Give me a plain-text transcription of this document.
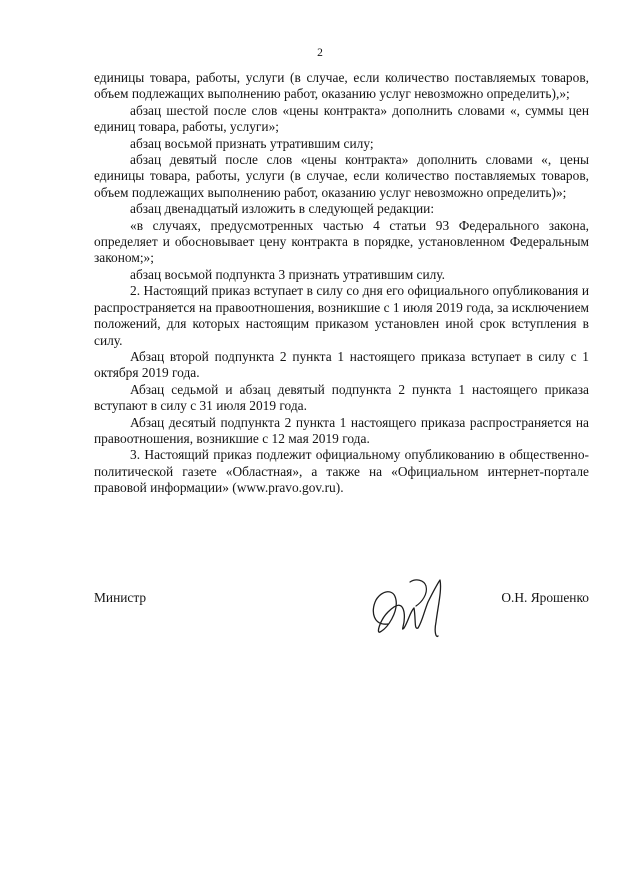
2

единицы товара, работы, услуги (в случае, если количество поставляемых товаров, объем подлежащих выполнению работ, оказанию услуг невозможно определить),»;

абзац шестой после слов «цены контракта» дополнить словами «, суммы цен единиц товара, работы, услуги»;

абзац восьмой признать утратившим силу;

абзац девятый после слов «цены контракта» дополнить словами «, цены единицы товара, работы, услуги (в случае, если количество поставляемых товаров, объем подлежащих выполнению работ, оказанию услуг невозможно определить)»;

абзац двенадцатый изложить в следующей редакции:

«в случаях, предусмотренных частью 4 статьи 93 Федерального закона, определяет и обосновывает цену контракта в порядке, установленном Федеральным законом;»;

абзац восьмой подпункта 3 признать утратившим силу.

2. Настоящий приказ вступает в силу со дня его официального опубликования и распространяется на правоотношения, возникшие с 1 июля 2019 года, за исключением положений, для которых настоящим приказом установлен иной срок вступления в силу.

Абзац второй подпункта 2 пункта 1 настоящего приказа вступает в силу с 1 октября 2019 года.

Абзац седьмой и абзац девятый подпункта 2 пункта 1 настоящего приказа вступают в силу с 31 июля 2019 года.

Абзац десятый подпункта 2 пункта 1 настоящего приказа распространяется на правоотношения, возникшие с 12 мая 2019 года.

3. Настоящий приказ подлежит официальному опубликованию в общественно-политической газете «Областная», а также на «Официальном интернет-портале правовой информации» (www.pravo.gov.ru).

Министр	О.Н. Ярошенко
